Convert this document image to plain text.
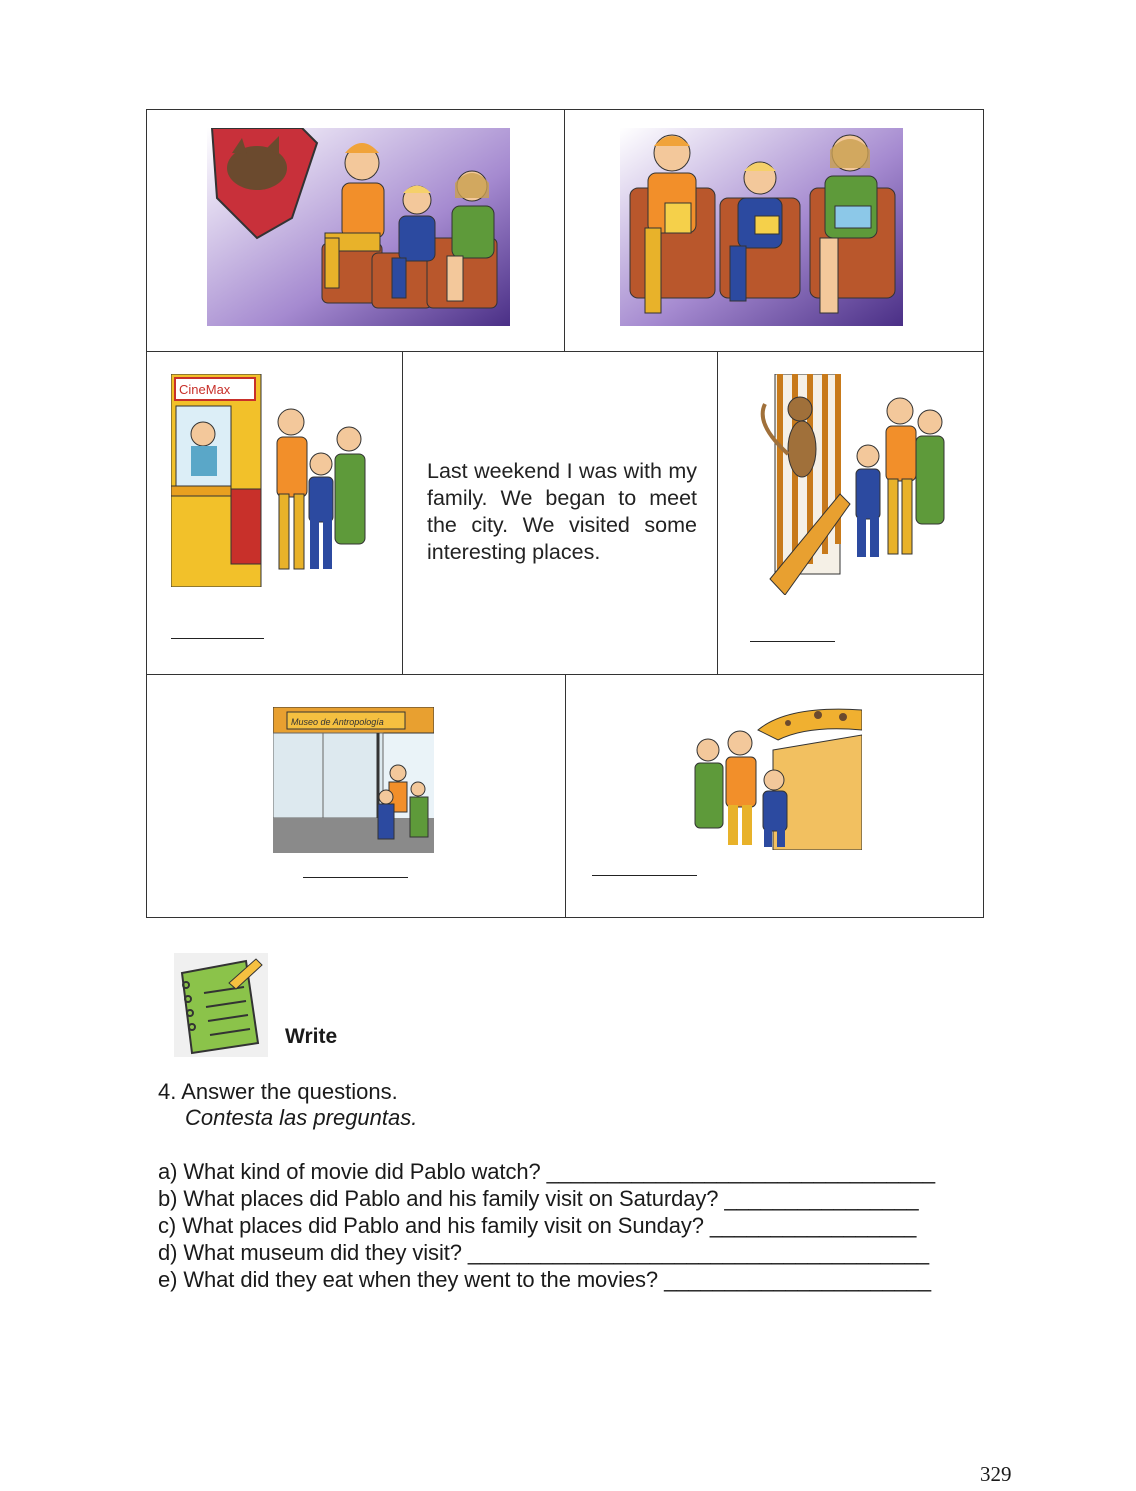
CineMax
Last weekend I was with my family. We began to meet the city. We visited some interesting places.
Museo de Antropología
Write
4. Answer the questions.
Contesta las preguntas.
a) What kind of movie did Pablo watch? ________________________________
b) What places did Pablo and his family visit on Saturday? ________________
c) What places did Pablo and his family visit on Sunday? _________________
d) What museum did they visit? ______________________________________
e) What did they eat when they went to the movies? ______________________
329
